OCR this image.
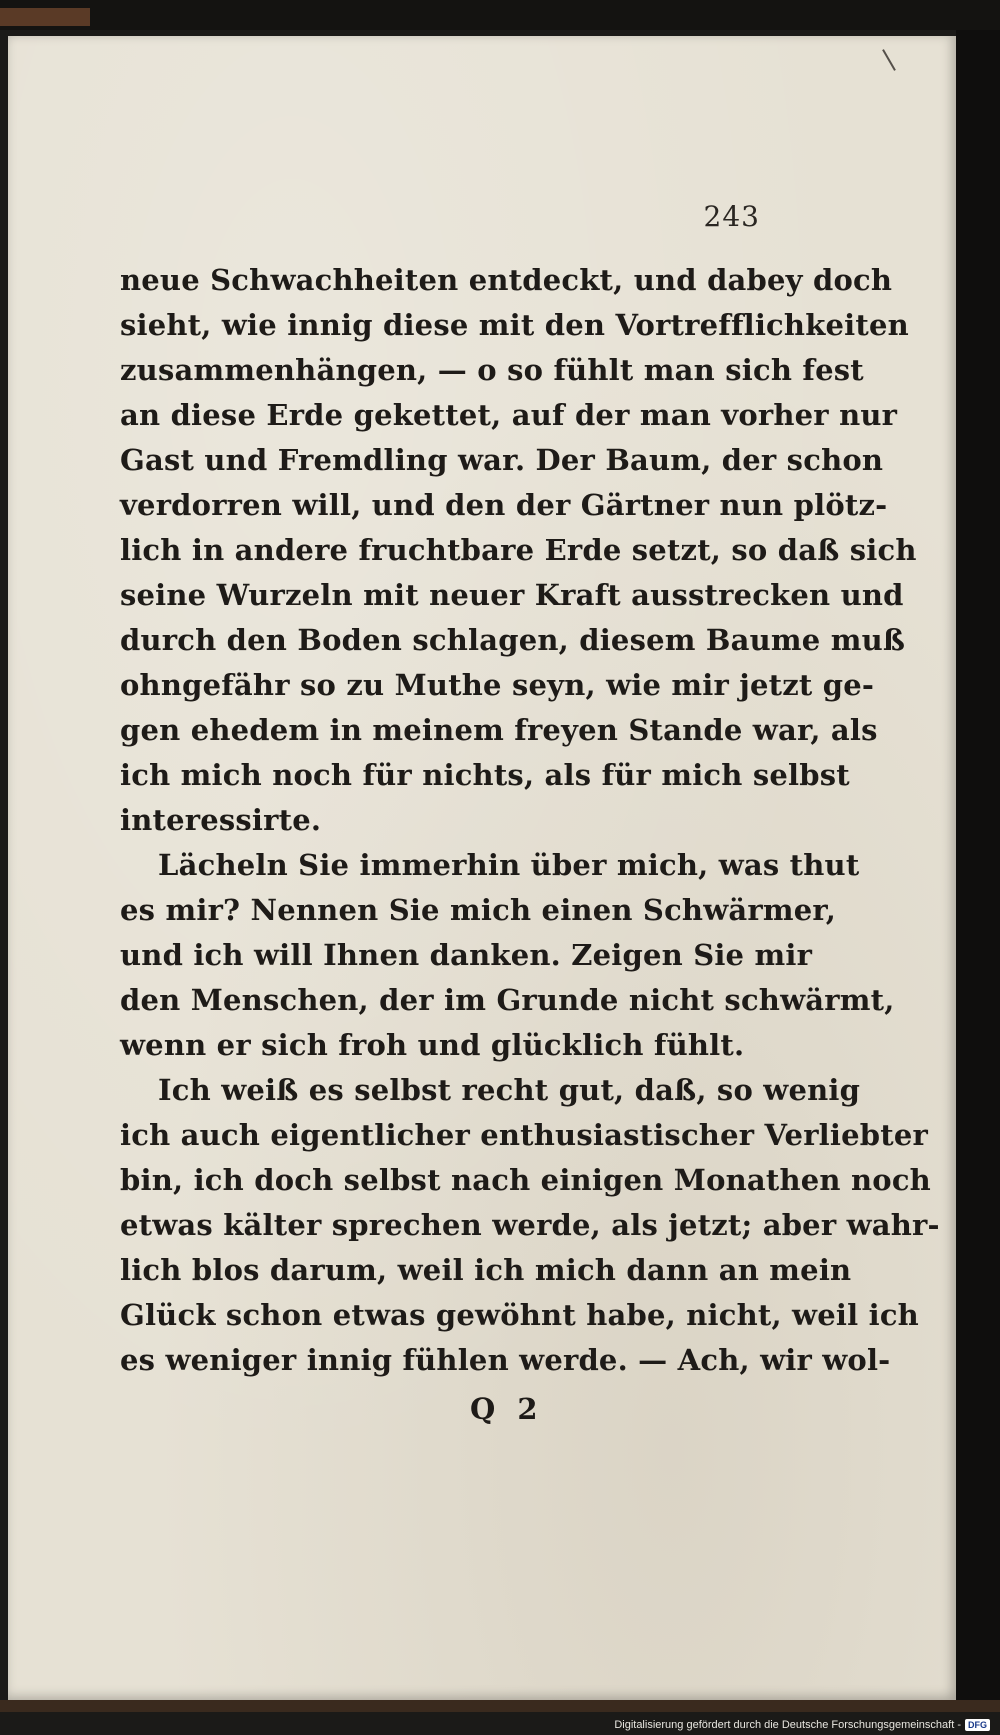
243
neue Schwachheiten entdeckt, und dabey doch
sieht, wie innig diese mit den Vortrefflichkeiten
zusammenhängen, — o so fühlt man sich fest
an diese Erde gekettet, auf der man vorher nur
Gast und Fremdling war. Der Baum, der schon
verdorren will, und den der Gärtner nun plötz-
lich in andere fruchtbare Erde setzt, so daß sich
seine Wurzeln mit neuer Kraft ausstrecken und
durch den Boden schlagen, diesem Baume muß
ohngefähr so zu Muthe seyn, wie mir jetzt ge-
gen ehedem in meinem freyen Stande war, als
ich mich noch für nichts, als für mich selbst
interessirte.
Lächeln Sie immerhin über mich, was thut
es mir? Nennen Sie mich einen Schwärmer,
und ich will Ihnen danken. Zeigen Sie mir
den Menschen, der im Grunde nicht schwärmt,
wenn er sich froh und glücklich fühlt.
Ich weiß es selbst recht gut, daß, so wenig
ich auch eigentlicher enthusiastischer Verliebter
bin, ich doch selbst nach einigen Monathen noch
etwas kälter sprechen werde, als jetzt; aber wahr-
lich blos darum, weil ich mich dann an mein
Glück schon etwas gewöhnt habe, nicht, weil ich
es weniger innig fühlen werde. — Ach, wir wol-
Q 2
Digitalisierung gefördert durch die Deutsche Forschungsgemeinschaft - DFG
